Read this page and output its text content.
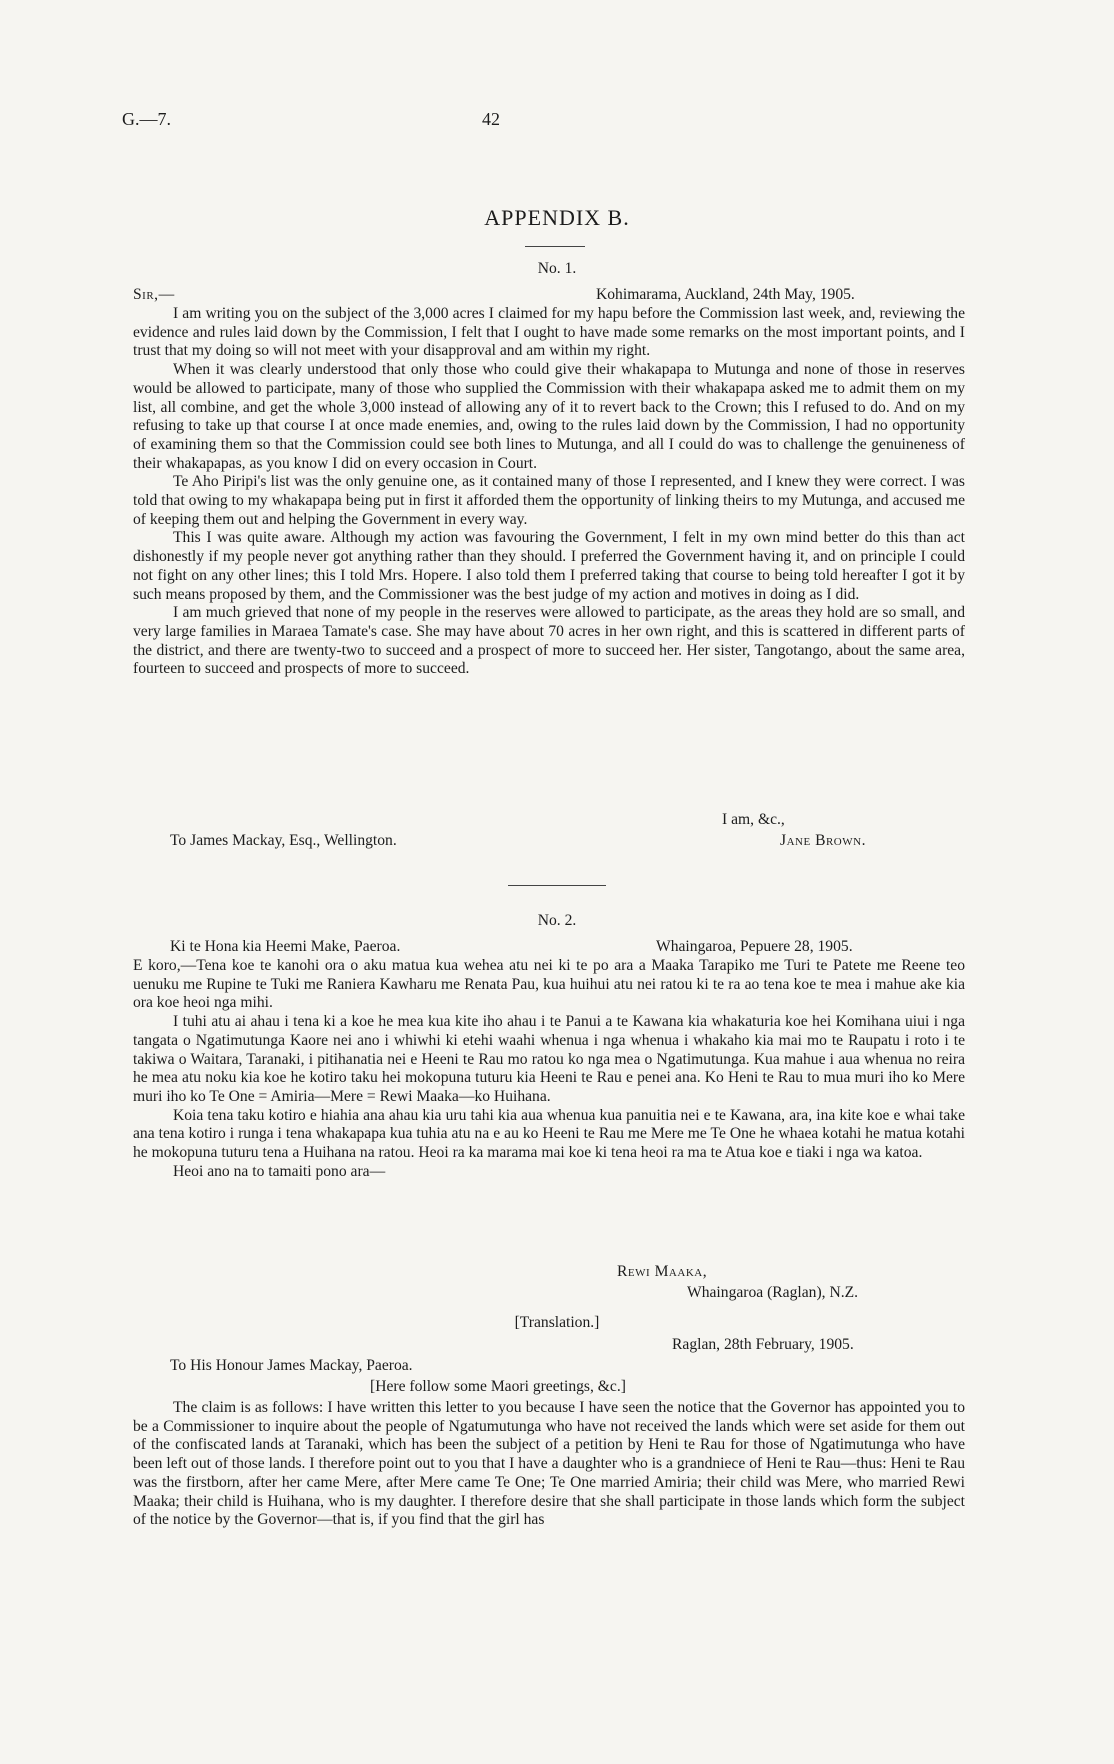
G.—7.	42
APPENDIX B.
No. 1.
Sir,—	Kohimarama, Auckland, 24th May, 1905.

I am writing you on the subject of the 3,000 acres I claimed for my hapu before the Commission last week, and, reviewing the evidence and rules laid down by the Commission, I felt that I ought to have made some remarks on the most important points, and I trust that my doing so will not meet with your disapproval and am within my right.

When it was clearly understood that only those who could give their whakapapa to Mutunga and none of those in reserves would be allowed to participate, many of those who supplied the Commission with their whakapapa asked me to admit them on my list, all combine, and get the whole 3,000 instead of allowing any of it to revert back to the Crown; this I refused to do. And on my refusing to take up that course I at once made enemies, and, owing to the rules laid down by the Commission, I had no opportunity of examining them so that the Commission could see both lines to Mutunga, and all I could do was to challenge the genuineness of their whakapapas, as you know I did on every occasion in Court.

Te Aho Piripi's list was the only genuine one, as it contained many of those I represented, and I knew they were correct. I was told that owing to my whakapapa being put in first it afforded them the opportunity of linking theirs to my Mutunga, and accused me of keeping them out and helping the Government in every way.

This I was quite aware. Although my action was favouring the Government, I felt in my own mind better do this than act dishonestly if my people never got anything rather than they should. I preferred the Government having it, and on principle I could not fight on any other lines; this I told Mrs. Hopere. I also told them I preferred taking that course to being told hereafter I got it by such means proposed by them, and the Commissioner was the best judge of my action and motives in doing as I did.

I am much grieved that none of my people in the reserves were allowed to participate, as the areas they hold are so small, and very large families in Maraea Tamate's case. She may have about 70 acres in her own right, and this is scattered in different parts of the district, and there are twenty-two to succeed and a prospect of more to succeed her. Her sister, Tangotango, about the same area, fourteen to succeed and prospects of more to succeed.

I am, &c.,
To James Mackay, Esq., Wellington.	Jane Brown.
No. 2.
Ki te Hona kia Heemi Make, Paeroa.	Whaingaroa, Pepuere 28, 1905.

E koro,—Tena koe te kanohi ora o aku matua kua wehea atu nei ki te po ara a Maaka Tarapiko me Turi te Patete me Reene teo uenuku me Rupine te Tuki me Raniera Kawharu me Renata Pau, kua huihui atu nei ratou ki te ra ao tena koe te mea i mahue ake kia ora koe heoi nga mihi.

I tuhi atu ai ahau i tena ki a koe he mea kua kite iho ahau i te Panui a te Kawana kia whakaturia koe hei Komihana uiui i nga tangata o Ngatimutunga Kaore nei ano i whiwhi ki etehi waahi whenua i nga whenua i whakaho kia mai mo te Raupatu i roto i te takiwa o Waitara, Taranaki, i pitihanatia nei e Heeni te Rau mo ratou ko nga mea o Ngatimutunga. Kua mahue i aua whenua no reira he mea atu noku kia koe he kotiro taku hei mokopuna tuturu kia Heeni te Rau e penei ana. Ko Heni te Rau to mua muri iho ko Mere muri iho ko Te One = Amiria—Mere = Rewi Maaka—ko Huihana.

Koia tena taku kotiro e hiahia ana ahau kia uru tahi kia aua whenua kua panuitia nei e te Kawana, ara, ina kite koe e whai take ana tena kotiro i runga i tena whakapapa kua tuhia atu na e au ko Heeni te Rau me Mere me Te One he whaea kotahi he matua kotahi he mokopuna tuturu tena a Huihana na ratou. Heoi ra ka marama mai koe ki tena heoi ra ma te Atua koe e tiaki i nga wa katoa.

Heoi ano na to tamaiti pono ara—

Rewi Maaka,
Whaingaroa (Raglan), N.Z.
[Translation.]
Raglan, 28th February, 1905.
To His Honour James Mackay, Paeroa.
[Here follow some Maori greetings, &c.]

The claim is as follows: I have written this letter to you because I have seen the notice that the Governor has appointed you to be a Commissioner to inquire about the people of Ngatumutunga who have not received the lands which were set aside for them out of the confiscated lands at Taranaki, which has been the subject of a petition by Heni te Rau for those of Ngatimutunga who have been left out of those lands. I therefore point out to you that I have a daughter who is a grandniece of Heni te Rau—thus: Heni te Rau was the firstborn, after her came Mere, after Mere came Te One; Te One married Amiria; their child was Mere, who married Rewi Maaka; their child is Huihana, who is my daughter. I therefore desire that she shall participate in those lands which form the subject of the notice by the Governor—that is, if you find that the girl has
